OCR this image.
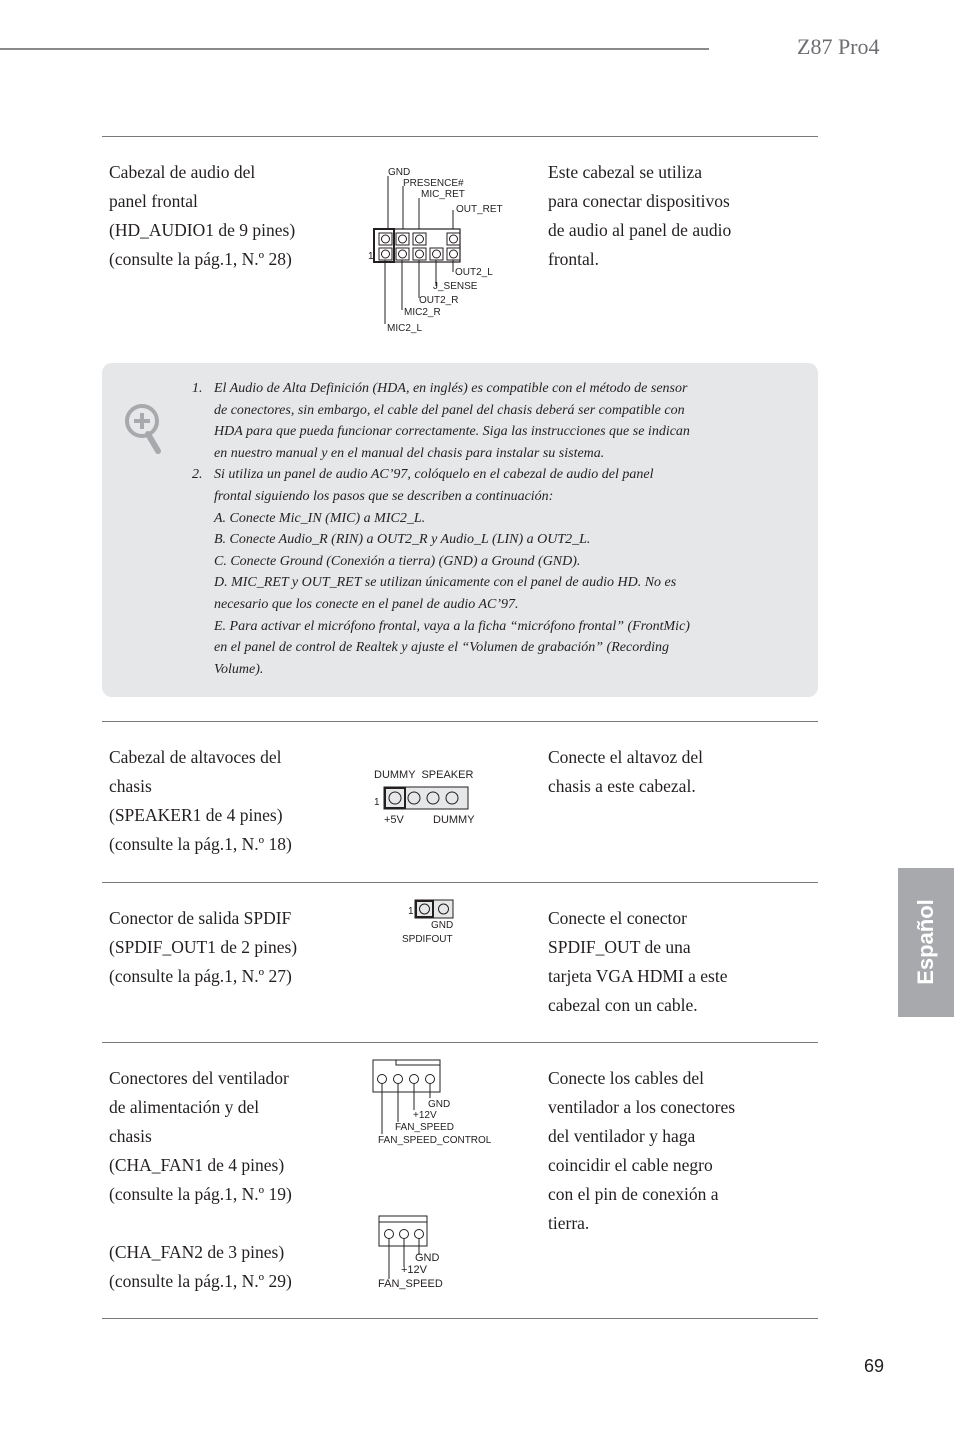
Z87 Pro4
Cabezal de audio del
panel frontal
(HD_AUDIO1 de 9 pines)
(consulte la pág.1, N.º 28)
GND
PRESENCE#
MIC_RET
OUT_RET
1
OUT2_L
J_SENSE
OUT2_R
MIC2_R
MIC2_L
Este cabezal se utiliza
para conectar dispositivos
de audio al panel de audio
frontal.
1. El Audio de Alta Definición (HDA, en inglés) es compatible con el método de sensor
de conectores, sin embargo, el cable del panel del chasis deberá ser compatible con
HDA para que pueda funcionar correctamente. Siga las instrucciones que se indican
en nuestro manual y en el manual del chasis para instalar su sistema.
2. Si utiliza un panel de audio AC’97, colóquelo en el cabezal de audio del panel
frontal siguiendo los pasos que se describen a continuación:
A. Conecte Mic_IN (MIC) a MIC2_L.
B. Conecte Audio_R (RIN) a OUT2_R y Audio_L (LIN) a OUT2_L.
C. Conecte Ground (Conexión a tierra) (GND) a Ground (GND).
D. MIC_RET y OUT_RET se utilizan únicamente con el panel de audio HD. No es
necesario que los conecte en el panel de audio AC’97.
E. Para activar el micrófono frontal, vaya a la ficha “micrófono frontal” (FrontMic)
en el panel de control de Realtek y ajuste el “Volumen de grabación” (Recording
Volume).
Cabezal de altavoces del
chasis
(SPEAKER1 de 4 pines)
(consulte la pág.1, N.º 18)
DUMMY  SPEAKER
1
+5V	DUMMY
Conecte el altavoz del
chasis a este cabezal.
Conector de salida SPDIF
(SPDIF_OUT1 de 2 pines)
(consulte la pág.1, N.º 27)
1
GND
SPDIFOUT
Conecte el conector
SPDIF_OUT de una
tarjeta VGA HDMI a este
cabezal con un cable.
Conectores del ventilador
de alimentación y del
chasis
(CHA_FAN1 de 4 pines)
(consulte la pág.1, N.º 19)
(CHA_FAN2 de 3 pines)
(consulte la pág.1, N.º 29)
GND
+12V
FAN_SPEED
FAN_SPEED_CONTROL
GND
+12V
FAN_SPEED
Conecte los cables del
ventilador a los conectores
del ventilador y haga
coincidir el cable negro
con el pin de conexión a
tierra.
Español
69
